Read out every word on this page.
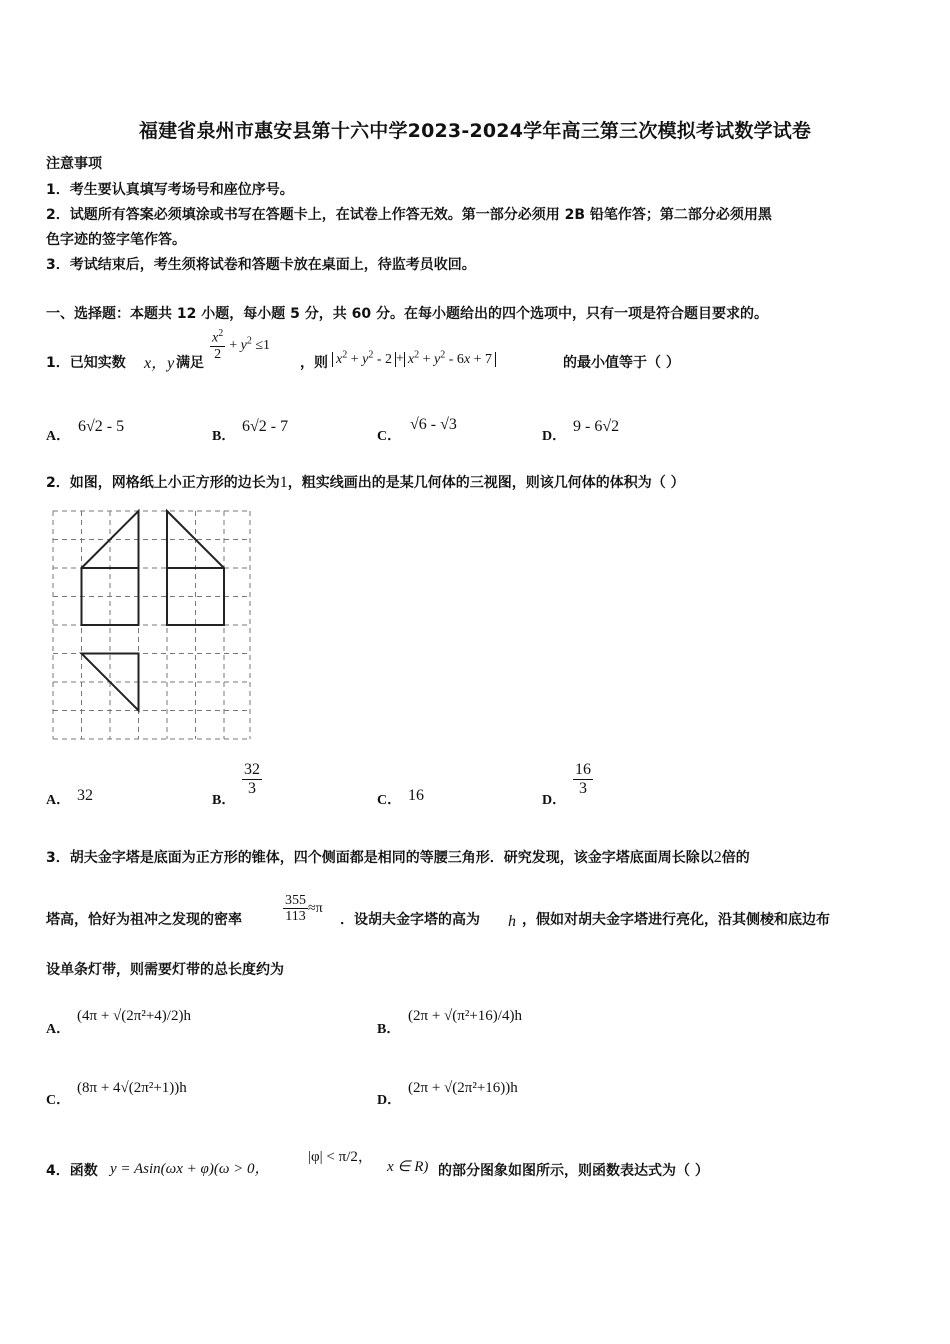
福建省泉州市惠安县第十六中学2023-2024学年高三第三次模拟考试数学试卷
注意事项
1．考生要认真填写考场号和座位序号。
2．试题所有答案必须填涂或书写在答题卡上，在试卷上作答无效。第一部分必须用 2B 铅笔作答；第二部分必须用黑
色字迹的签字笔作答。
3．考试结束后，考生须将试卷和答题卡放在桌面上，待监考员收回。
一、选择题：本题共 12 小题，每小题 5 分，共 60 分。在每小题给出的四个选项中，只有一项是符合题目要求的。
1．已知实数 x，y 满足
$\frac{x^2}{2} + y^2 \le 1$
，则 $x^2 + y^2 - 2 + x^2 + y^2 - 6x + 7$	的最小值等于（ ）
A．
6√2 - 5
B．
6√2 - 7
C．
√6 - √3
D．
9 - 6√2
2．如图，网格纸上小正方形的边长为1，粗实线画出的是某几何体的三视图，则该几何体的体积为（ ）
A． 32	B．
$\frac{32}{3}$
C． 16	D．
$\frac{16}{3}$
3．胡夫金字塔是底面为正方形的锥体，四个侧面都是相同的等腰三角形．研究发现，该金字塔底面周长除以2倍的
塔高，恰好为祖冲之发现的密率	$\frac{355}{113} \approx\pi$
．设胡夫金字塔的高为 h ，假如对胡夫金字塔进行亮化，沿其侧棱和底边布
设单条灯带，则需要灯带的总长度约为
A．
(4π + √(2π²+4)/2)h
B．
(2π + √(π²+16)/4)h
C．
(8π + 4√(2π²+1))h
D．
(2π + √(2π²+16))h
4．函数 y = Asin(ωx + φ)(ω > 0，
|φ| < π/2，
x ∈ R) 的部分图象如图所示，则函数表达式为（ ）
